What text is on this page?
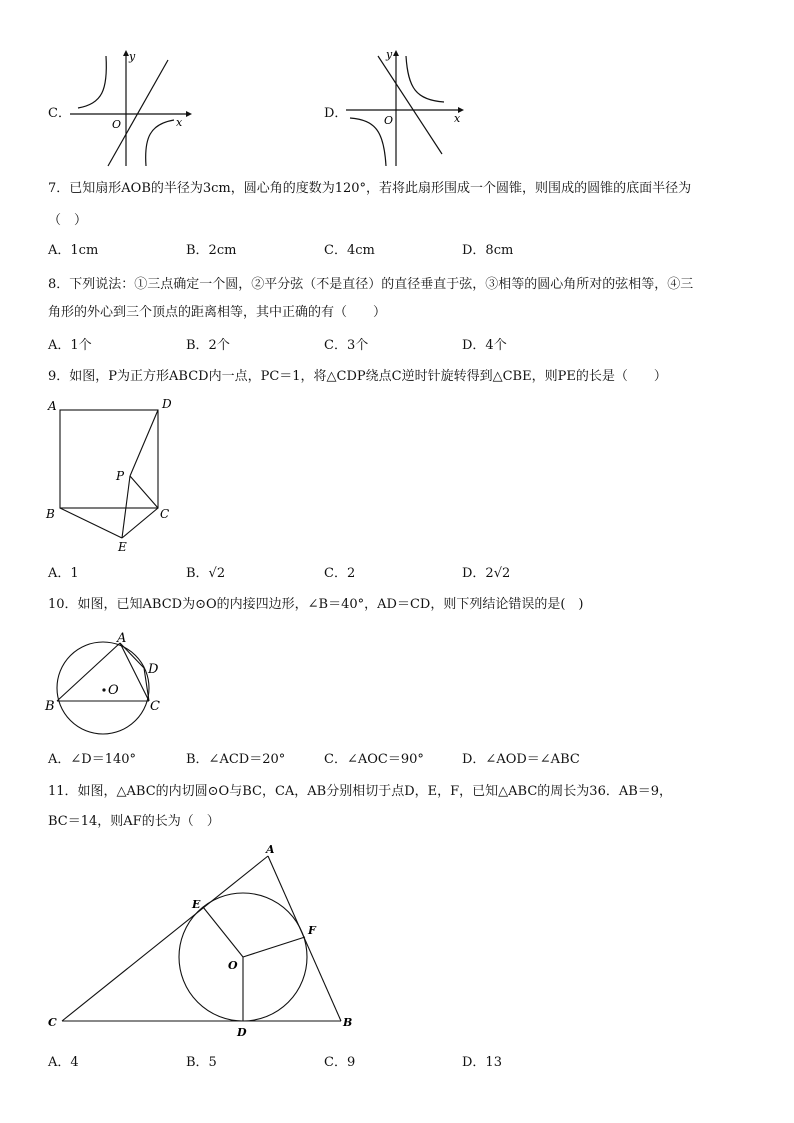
C．
y
x
O
D．
y
x
O
7．已知扇形AOB的半径为3cm，圆心角的度数为120°，若将此扇形围成一个圆锥，则围成的圆锥的底面半径为
（　）
A．1cm	B．2cm	C．4cm	D．8cm
8．下列说法：①三点确定一个圆，②平分弦（不是直径）的直径垂直于弦，③相等的圆心角所对的弦相等，④三
角形的外心到三个顶点的距离相等，其中正确的有（　　）
A．1个	B．2个	C．3个	D．4个
9．如图，P为正方形ABCD内一点，PC＝1，将△CDP绕点C逆时针旋转得到△CBE，则PE的长是（　　）
A	D
P
B	C
E
A．1	B．√2	C．2	D．2√2
10．如图，已知ABCD为⊙O的内接四边形，∠B＝40°，AD＝CD，则下列结论错误的是(　)
A
D
O
B	C
A．∠D＝140°	B．∠ACD＝20°	C．∠AOC＝90°	D．∠AOD＝∠ABC
11．如图，△ABC的内切圆⊙O与BC，CA，AB分别相切于点D，E，F，已知△ABC的周长为36．AB＝9，
BC＝14，则AF的长为（　）
A
E
F
O
C
D
B
A．4	B．5	C．9	D．13
